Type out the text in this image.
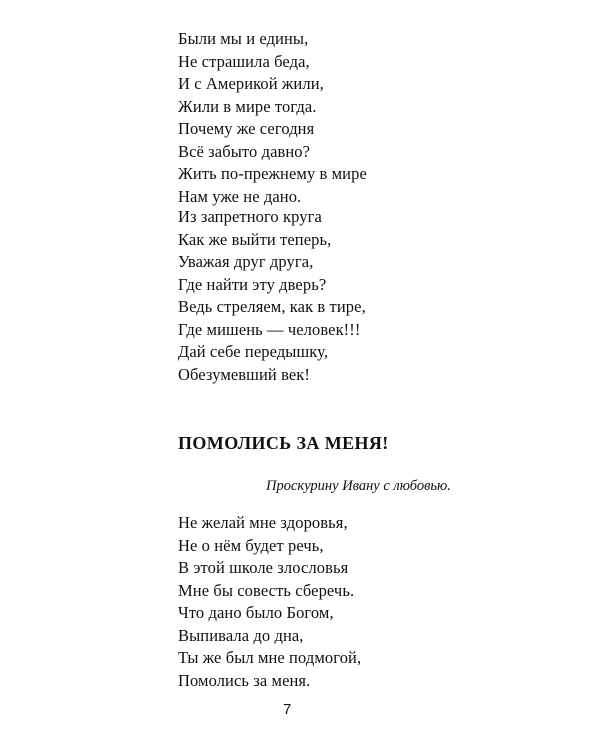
Были мы и едины,
Не страшила беда,
И с Америкой жили,
Жили в мире тогда.
Почему же сегодня
Всё забыто давно?
Жить по-прежнему в мире
Нам уже не дано.
Из запретного круга
Как же выйти теперь,
Уважая друг друга,
Где найти эту дверь?
Ведь стреляем, как в тире,
Где мишень — человек!!!
Дай себе передышку,
Обезумевший век!
ПОМОЛИСЬ ЗА МЕНЯ!
Проскурину Ивану с любовью.
Не желай мне здоровья,
Не о нём будет речь,
В этой школе злословья
Мне бы совесть сберечь.
Что дано было Богом,
Выпивала до дна,
Ты же был мне подмогой,
Помолись за меня.
7
